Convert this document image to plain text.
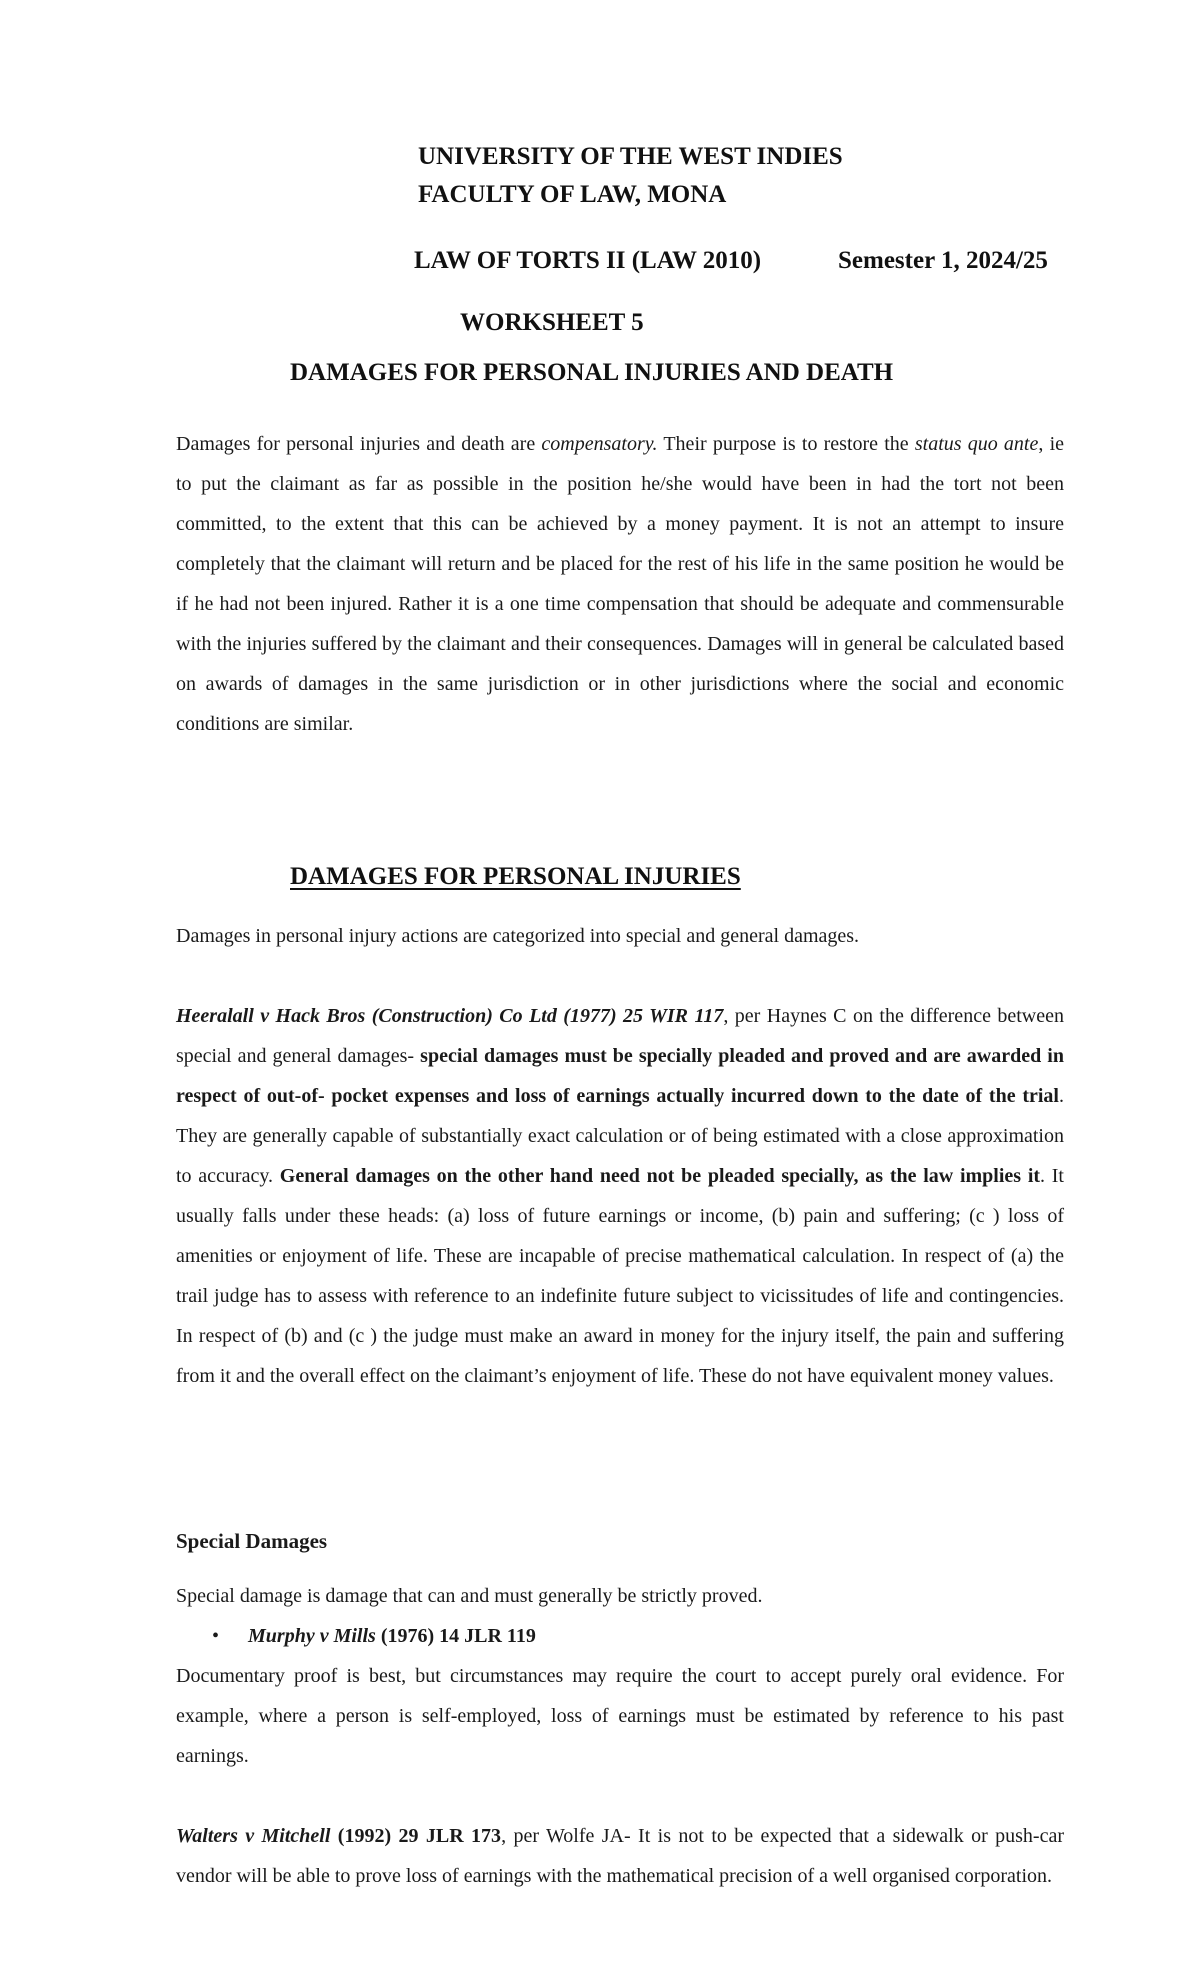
UNIVERSITY OF THE WEST INDIES
FACULTY OF LAW, MONA
LAW OF TORTS II (LAW 2010)	Semester 1, 2024/25
WORKSHEET 5
DAMAGES FOR PERSONAL INJURIES AND DEATH

Damages for personal injuries and death are compensatory. Their purpose is to restore the status quo ante, ie to put the claimant as far as possible in the position he/she would have been in had the tort not been committed, to the extent that this can be achieved by a money payment. It is not an attempt to insure completely that the claimant will return and be placed for the rest of his life in the same position he would be if he had not been injured. Rather it is a one time compensation that should be adequate and commensurable with the injuries suffered by the claimant and their consequences. Damages will in general be calculated based on awards of damages in the same jurisdiction or in other jurisdictions where the social and economic conditions are similar.

DAMAGES FOR PERSONAL INJURIES

Damages in personal injury actions are categorized into special and general damages.

Heeralall v Hack Bros (Construction) Co Ltd (1977) 25 WIR 117, per Haynes C on the difference between special and general damages- special damages must be specially pleaded and proved and are awarded in respect of out-of- pocket expenses and loss of earnings actually incurred down to the date of the trial. They are generally capable of substantially exact calculation or of being estimated with a close approximation to accuracy. General damages on the other hand need not be pleaded specially, as the law implies it. It usually falls under these heads: (a) loss of future earnings or income, (b) pain and suffering; (c ) loss of amenities or enjoyment of life. These are incapable of precise mathematical calculation. In respect of (a) the trail judge has to assess with reference to an indefinite future subject to vicissitudes of life and contingencies. In respect of (b) and (c ) the judge must make an award in money for the injury itself, the pain and suffering from it and the overall effect on the claimant’s enjoyment of life. These do not have equivalent money values.

Special Damages

Special damage is damage that can and must generally be strictly proved.

• Murphy v Mills (1976) 14 JLR 119

Documentary proof is best, but circumstances may require the court to accept purely oral evidence. For example, where a person is self-employed, loss of earnings must be estimated by reference to his past earnings.

Walters v Mitchell (1992) 29 JLR 173, per Wolfe JA- It is not to be expected that a sidewalk or push-car vendor will be able to prove loss of earnings with the mathematical precision of a well organised corporation.
